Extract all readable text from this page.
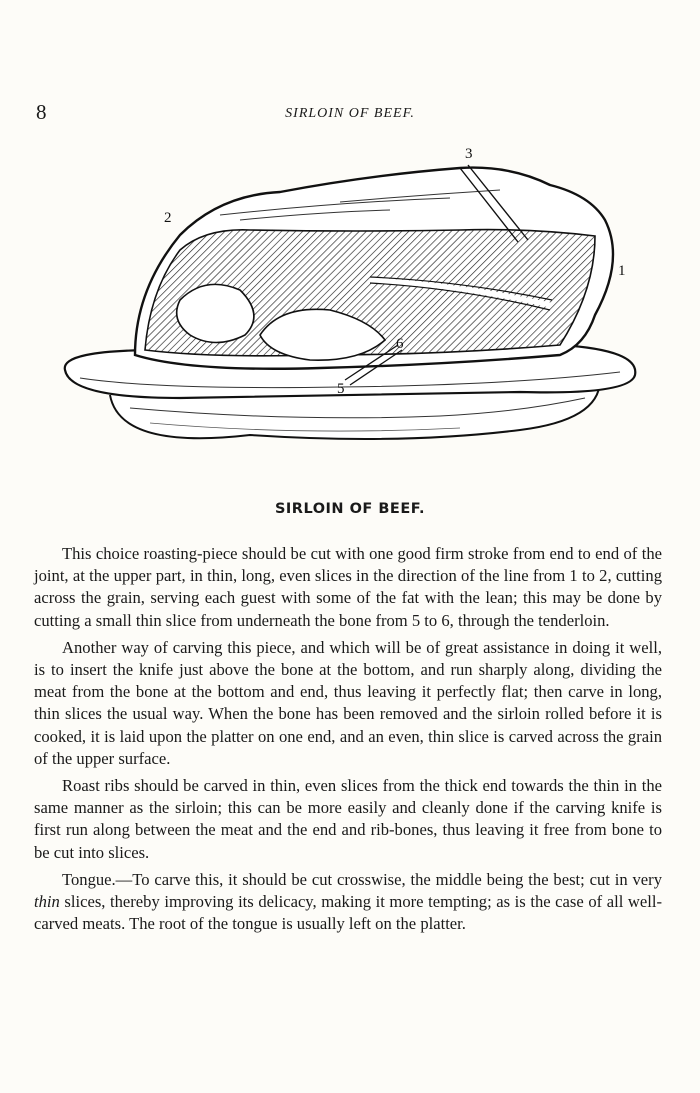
8	SIRLOIN OF BEEF.
3
2
1
6
5
SIRLOIN OF BEEF.

This choice roasting-piece should be cut with one good firm stroke from end to end of the joint, at the upper part, in thin, long, even slices in the direction of the line from 1 to 2, cutting across the grain, serving each guest with some of the fat with the lean; this may be done by cutting a small thin slice from underneath the bone from 5 to 6, through the tenderloin.

Another way of carving this piece, and which will be of great assistance in doing it well, is to insert the knife just above the bone at the bottom, and run sharply along, dividing the meat from the bone at the bottom and end, thus leaving it perfectly flat; then carve in long, thin slices the usual way. When the bone has been removed and the sirloin rolled before it is cooked, it is laid upon the platter on one end, and an even, thin slice is carved across the grain of the upper surface.

Roast ribs should be carved in thin, even slices from the thick end towards the thin in the same manner as the sirloin; this can be more easily and cleanly done if the carving knife is first run along between the meat and the end and rib-bones, thus leaving it free from bone to be cut into slices.

Tongue.—To carve this, it should be cut crosswise, the middle being the best; cut in very thin slices, thereby improving its delicacy, making it more tempting; as is the case of all well-carved meats. The root of the tongue is usually left on the platter.
